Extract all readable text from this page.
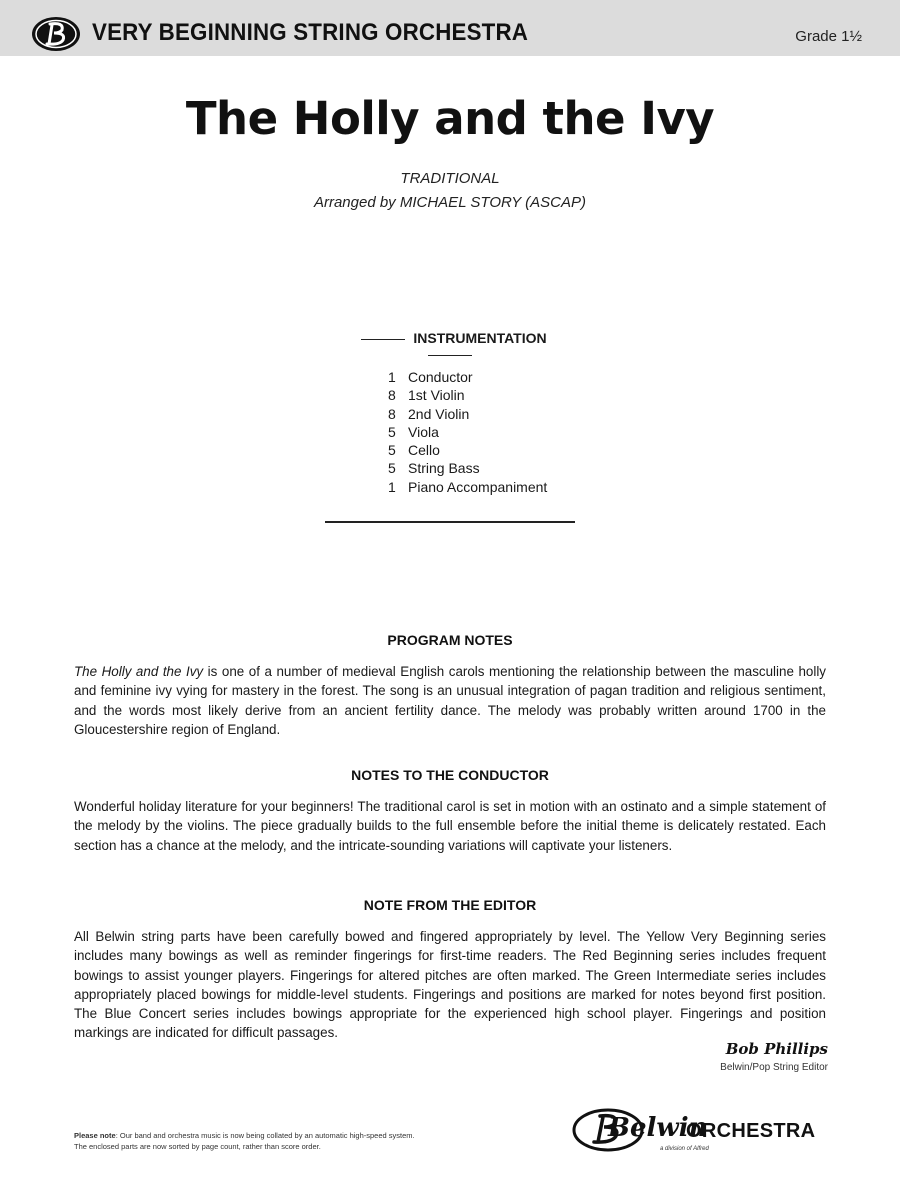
VERY BEGINNING STRING ORCHESTRA	Grade 1½
The Holly and the Ivy
TRADITIONAL
Arranged by MICHAEL STORY (ASCAP)
INSTRUMENTATION
1 Conductor
8 1st Violin
8 2nd Violin
5 Viola
5 Cello
5 String Bass
1 Piano Accompaniment
PROGRAM NOTES
The Holly and the Ivy is one of a number of medieval English carols mentioning the relationship between the masculine holly and feminine ivy vying for mastery in the forest. The song is an unusual integration of pagan tradition and religious sentiment, and the words most likely derive from an ancient fertility dance. The melody was probably written around 1700 in the Gloucestershire region of England.
NOTES TO THE CONDUCTOR
Wonderful holiday literature for your beginners! The traditional carol is set in motion with an ostinato and a simple statement of the melody by the violins. The piece gradually builds to the full ensemble before the initial theme is delicately restated. Each section has a chance at the melody, and the intricate-sounding variations will captivate your listeners.
NOTE FROM THE EDITOR
All Belwin string parts have been carefully bowed and fingered appropriately by level. The Yellow Very Beginning series includes many bowings as well as reminder fingerings for first-time readers. The Red Beginning series includes frequent bowings to assist younger players. Fingerings for altered pitches are often marked. The Green Intermediate series includes appropriately placed bowings for middle-level students. Fingerings and positions are marked for notes beyond first position. The Blue Concert series includes bowings appropriate for the experienced high school player. Fingerings and position markings are indicated for difficult passages.
Bob Phillips
Belwin/Pop String Editor
Please note: Our band and orchestra music is now being collated by an automatic high-speed system.
The enclosed parts are now sorted by page count, rather than score order.
Belwin
ORCHESTRA
a division of Alfred
